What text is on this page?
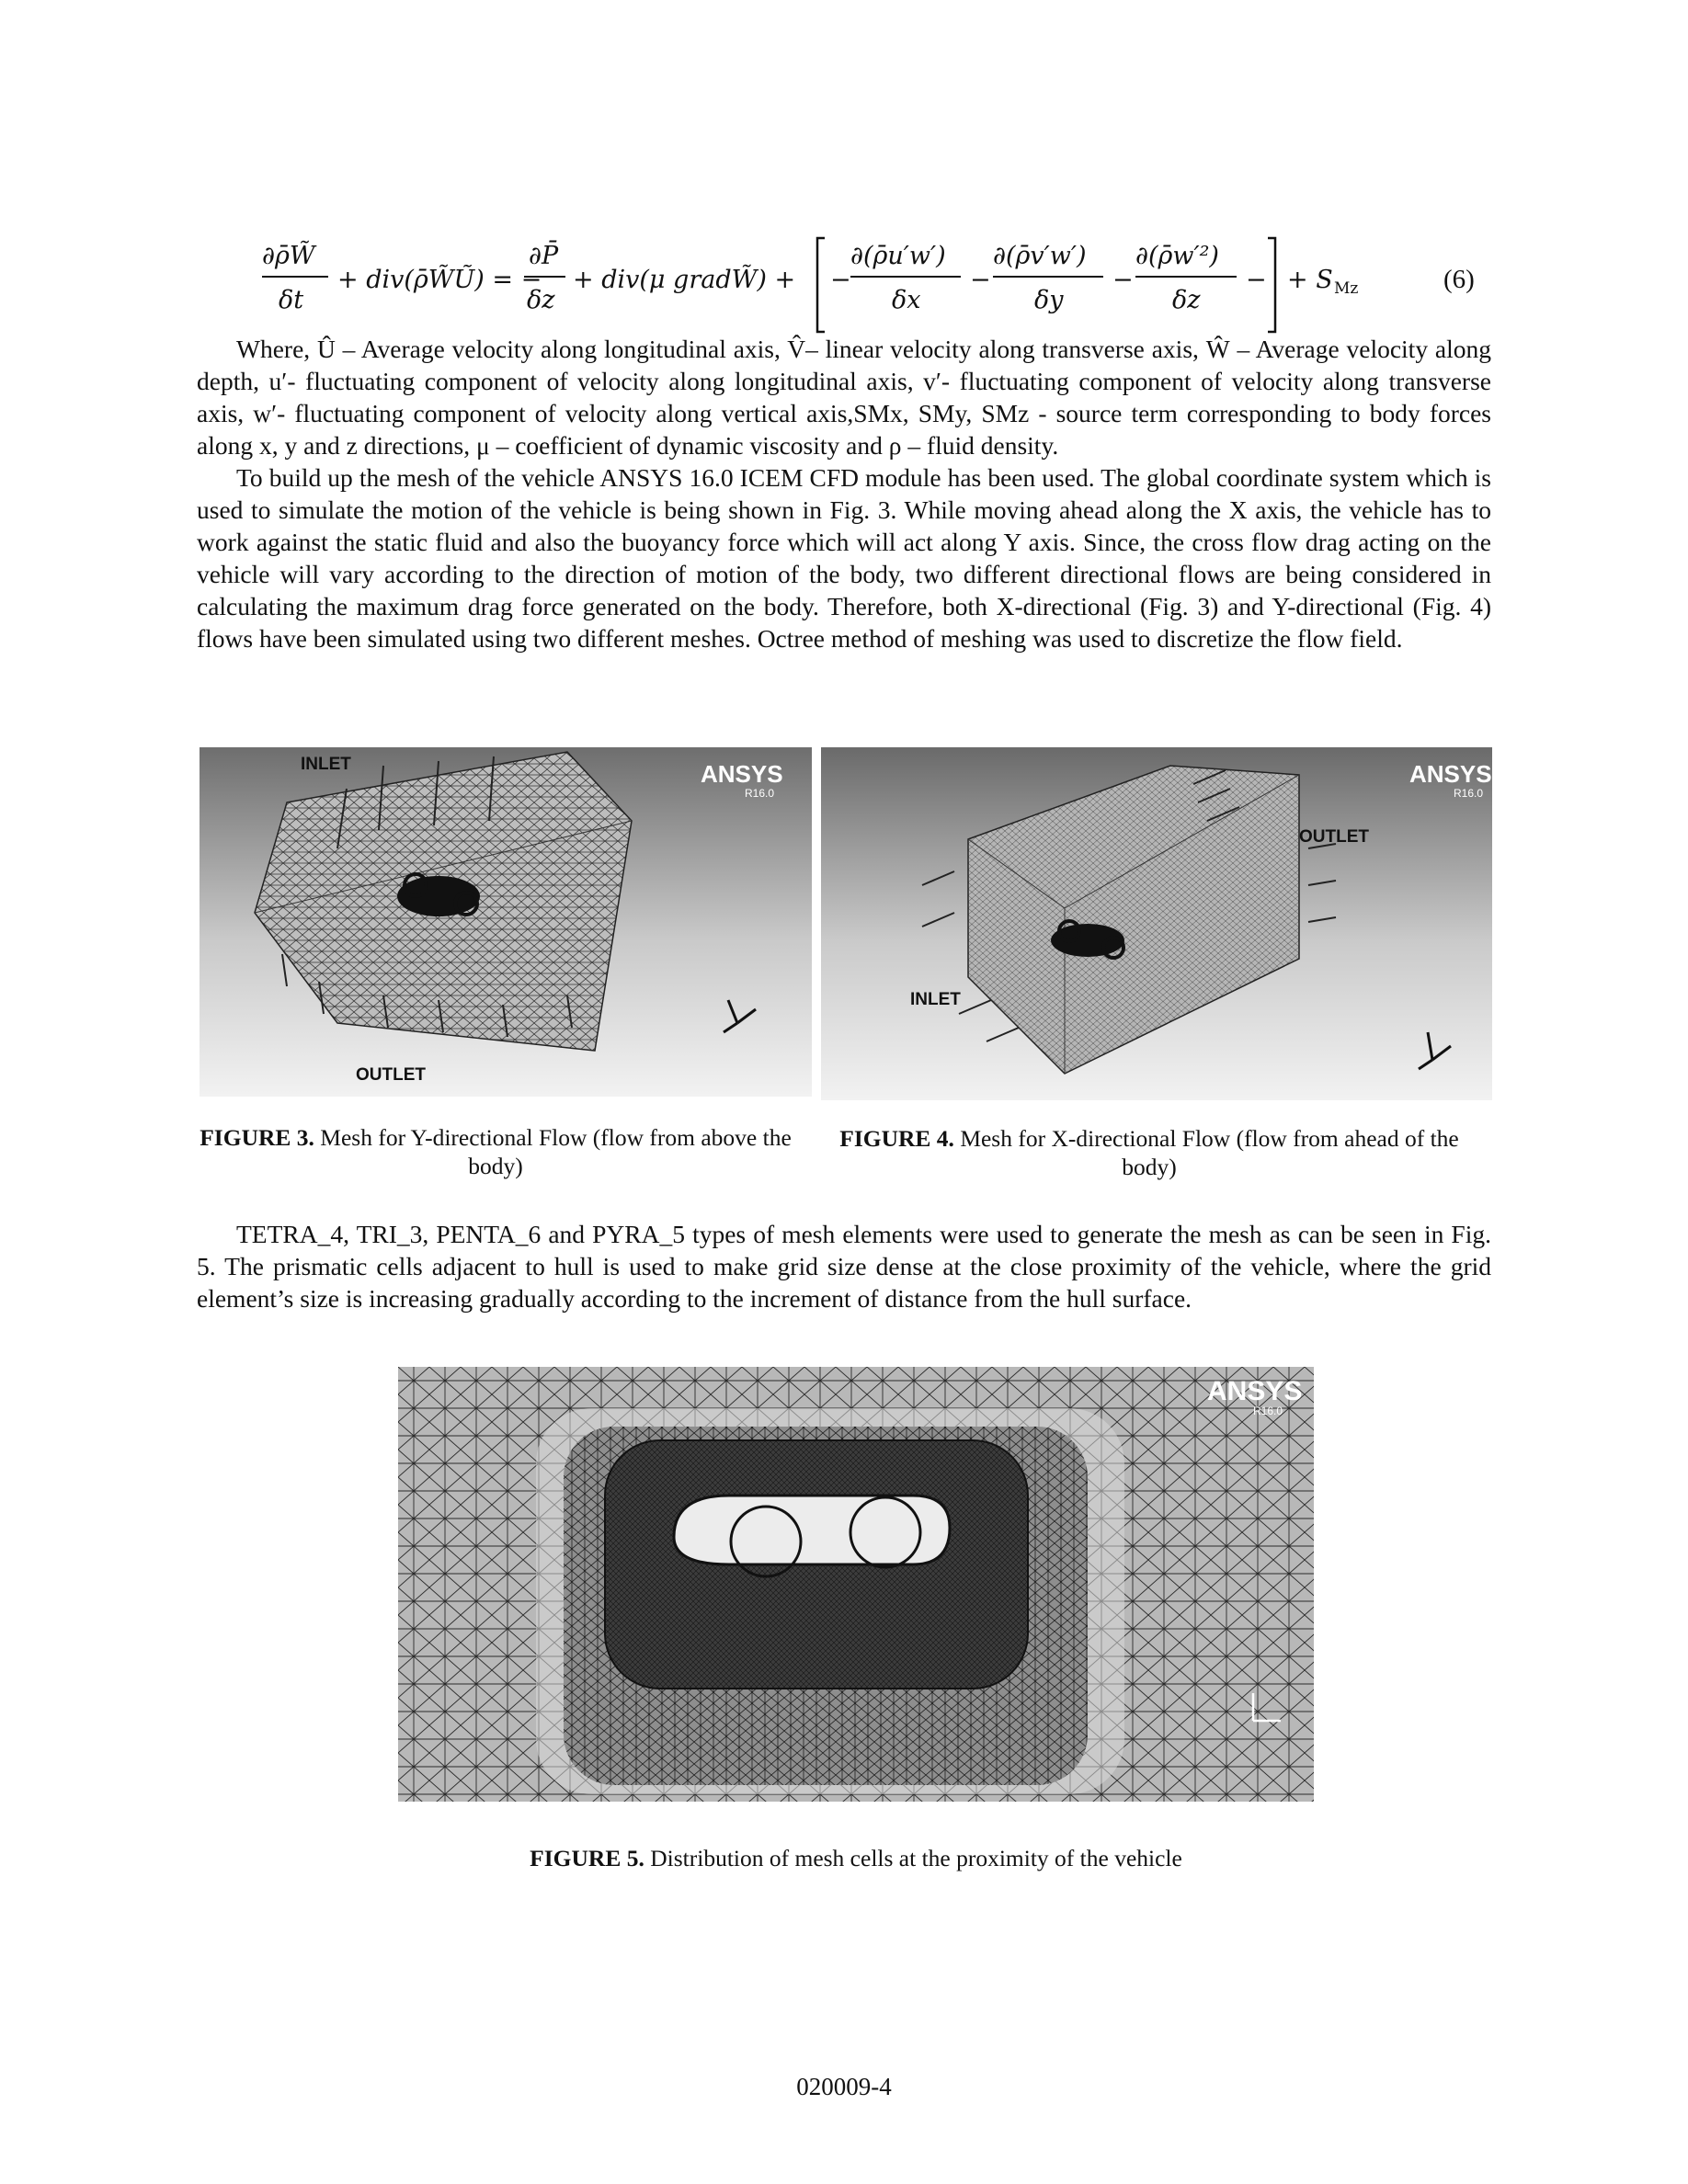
∂ρ̄W̃
δt
+ div(ρ̄W̃Ũ) = −
∂P̄
δz
+ div(μ gradW̃) + −
∂(ρ̄u′w′)
δx
−
∂(ρ̄v′w′)
δy
−
∂(ρ̄w′²)
δz
− + S Mz	(6)

Where, Û – Average velocity along longitudinal axis, V̂– linear velocity along transverse axis, Ŵ – Average velocity along depth, u′- fluctuating component of velocity along longitudinal axis, v′- fluctuating component of velocity along transverse axis, w′- fluctuating component of velocity along vertical axis,SMx, SMy, SMz - source term corresponding to body forces along x, y and z directions, μ – coefficient of dynamic viscosity and ρ – fluid density.

To build up the mesh of the vehicle ANSYS 16.0 ICEM CFD module has been used. The global coordinate system which is used to simulate the motion of the vehicle is being shown in Fig. 3. While moving ahead along the X axis, the vehicle has to work against the static fluid and also the buoyancy force which will act along Y axis. Since, the cross flow drag acting on the vehicle will vary according to the direction of motion of the body, two different directional flows are being considered in calculating the maximum drag force generated on the body. Therefore, both X-directional (Fig. 3) and Y-directional (Fig. 4) flows have been simulated using two different meshes. Octree method of meshing was used to discretize the flow field.

INLET
OUTLET
ANSYS
R16.0
OUTLET
INLET
ANSYS
R16.0
FIGURE 3. Mesh for Y-directional Flow (flow from above the body)
FIGURE 4. Mesh for X-directional Flow (flow from ahead of the body)

TETRA_4, TRI_3, PENTA_6 and PYRA_5 types of mesh elements were used to generate the mesh as can be seen in Fig. 5. The prismatic cells adjacent to hull is used to make grid size dense at the close proximity of the vehicle, where the grid element’s size is increasing gradually according to the increment of distance from the hull surface.

ANSYS
R16.0
FIGURE 5. Distribution of mesh cells at the proximity of the vehicle
020009-4
